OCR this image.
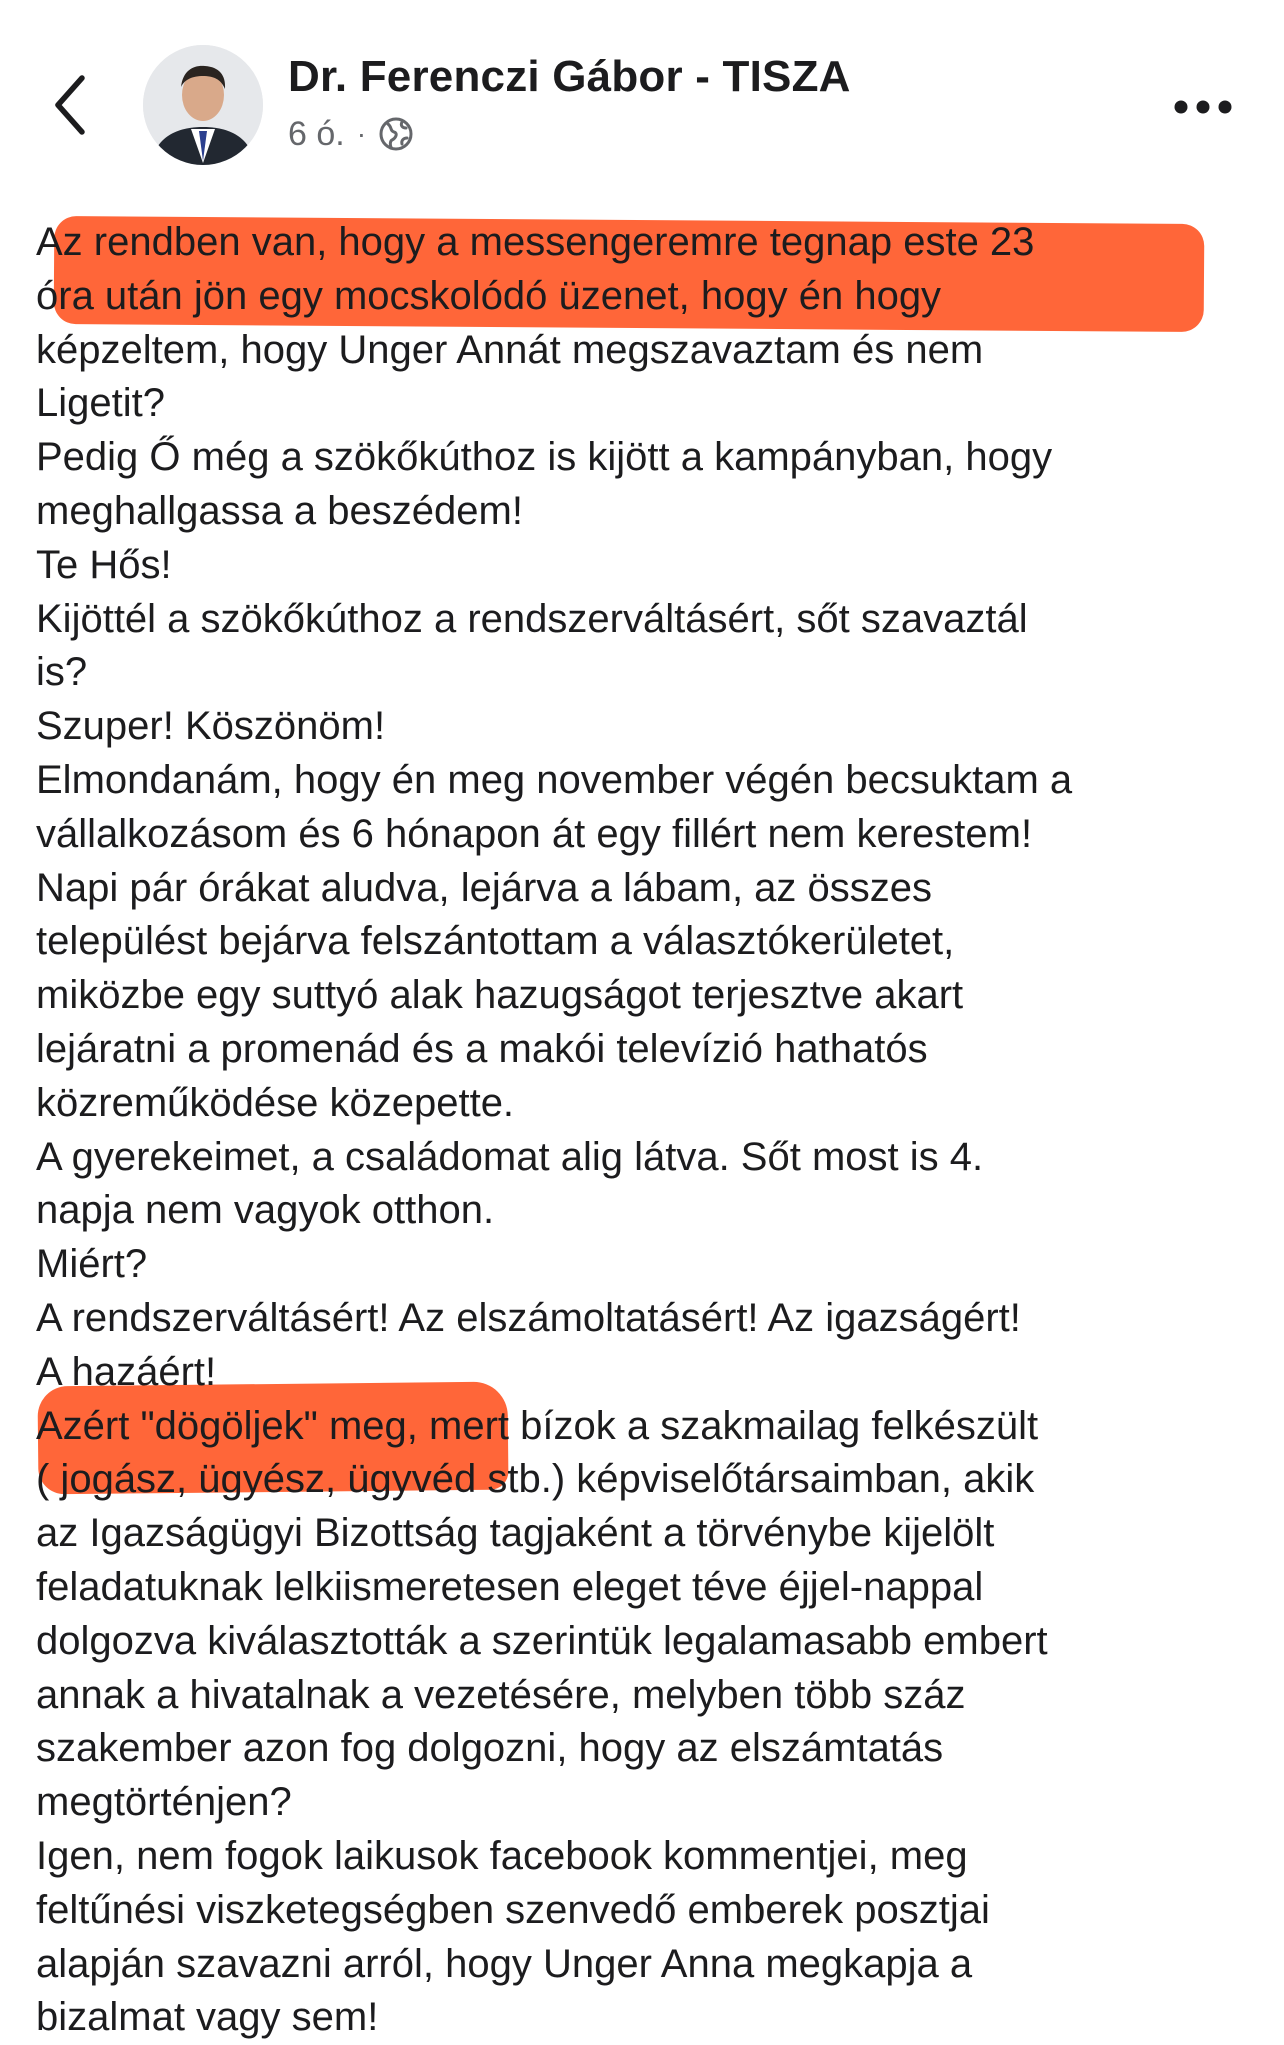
Dr. Ferenczi Gábor - TISZA
6 ó. ·
Az rendben van, hogy a messengeremre tegnap este 23
óra után jön egy mocskolódó üzenet, hogy én hogy
képzeltem, hogy Unger Annát megszavaztam és nem
Ligetit?
Pedig Ő még a szökőkúthoz is kijött a kampányban, hogy
meghallgassa a beszédem!
Te Hős!
Kijöttél a szökőkúthoz a rendszerváltásért, sőt szavaztál
is?
Szuper! Köszönöm!
Elmondanám, hogy én meg november végén becsuktam a
vállalkozásom és 6 hónapon át egy fillért nem kerestem!
Napi pár órákat aludva, lejárva a lábam, az összes
települést bejárva felszántottam a választókerületet,
miközbe egy suttyó alak hazugságot terjesztve akart
lejáratni a promenád és a makói televízió hathatós
közreműködése közepette.
A gyerekeimet, a családomat alig látva. Sőt most is 4.
napja nem vagyok otthon.
Miért?
A rendszerváltásért! Az elszámoltatásért! Az igazságért!
A hazáért!
Azért "dögöljek" meg, mert bízok a szakmailag felkészült
( jogász, ügyész, ügyvéd stb.) képviselőtársaimban, akik
az Igazságügyi Bizottság tagjaként a törvénybe kijelölt
feladatuknak lelkiismeretesen eleget téve éjjel-nappal
dolgozva kiválasztották a szerintük legalamasabb embert
annak a hivatalnak a vezetésére, melyben több száz
szakember azon fog dolgozni, hogy az elszámtatás
megtörténjen?
Igen, nem fogok laikusok facebook kommentjei, meg
feltűnési viszketegségben szenvedő emberek posztjai
alapján szavazni arról, hogy Unger Anna megkapja a
bizalmat vagy sem!
